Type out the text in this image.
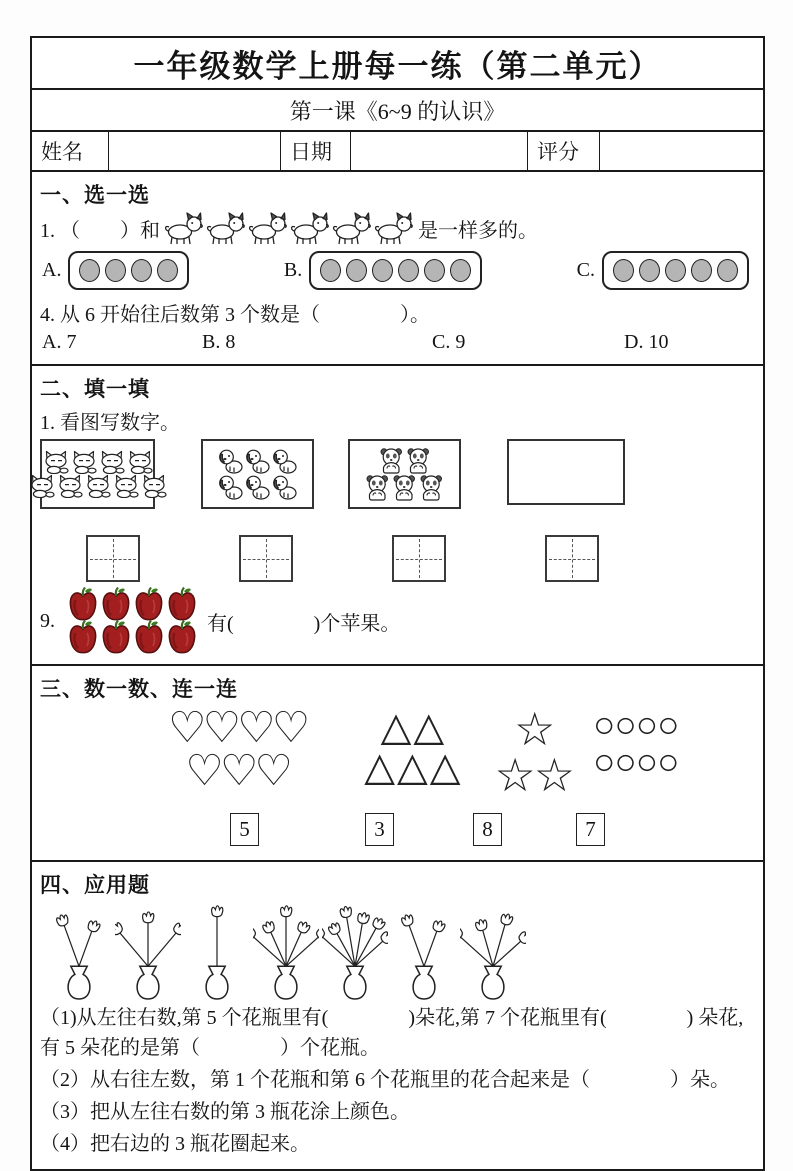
一年级数学上册每一练（第二单元）
第一课《6~9 的认识》
姓名	日期	评分
一、选一选
1. （　　）和	是一样多的。
A.	B.	C.
4. 从 6 开始往后数第 3 个数是（　　　　）。
A. 7	B. 8	C. 9	D. 10
二、填一填
1. 看图写数字。
9.	有(　　　　)个苹果。
三、数一数、连一连
♡♡♡♡
♡♡♡
△△
△△△
☆
☆☆
○○○○
○○○○
5	3	8	7
四、应用题
（1)从左往右数,第 5 个花瓶里有(　　　　)朵花,第 7 个花瓶里有(　　　　) 朵花, 有 5 朵花的是第（　　　　）个花瓶。
（2）从右往左数，第 1 个花瓶和第 6 个花瓶里的花合起来是（　　　　）朵。
（3）把从左往右数的第 3 瓶花涂上颜色。
（4）把右边的 3 瓶花圈起来。
